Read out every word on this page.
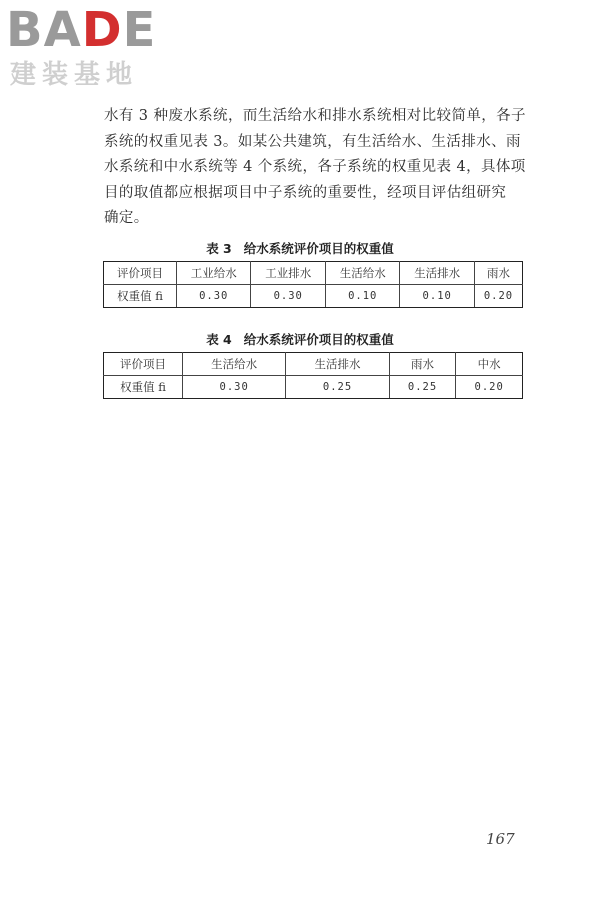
BADE
建装基地
水有 3 种废水系统，而生活给水和排水系统相对比较简单，各子
系统的权重见表 3。如某公共建筑，有生活给水、生活排水、雨
水系统和中水系统等 4 个系统，各子系统的权重见表 4，具体项
目的取值都应根据项目中子系统的重要性，经项目评估组研究
确定。
表 3 给水系统评价项目的权重值
评价项目	工业给水	工业排水	生活给水	生活排水	雨水
权重值 fi	0.30	0.30	0.10	0.10	0.20
表 4 给水系统评价项目的权重值
评价项目	生活给水	生活排水	雨水	中水
权重值 fi	0.30	0.25	0.25	0.20
167
